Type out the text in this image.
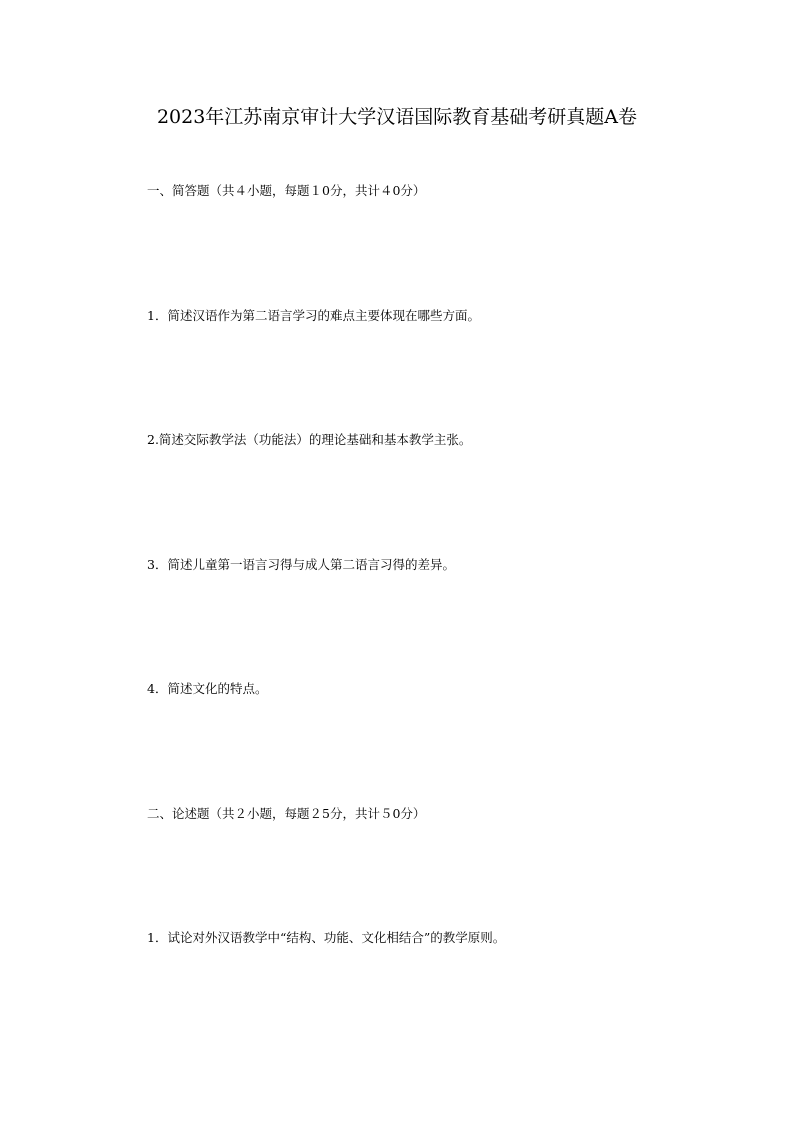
2023年江苏南京审计大学汉语国际教育基础考研真题A卷
一、简答题（共４小题，每题１0分，共计４0分）
1．简述汉语作为第二语言学习的难点主要体现在哪些方面。
2.简述交际教学法（功能法）的理论基础和基本教学主张。
3．简述儿童第一语言习得与成人第二语言习得的差异。
4．简述文化的特点。
二、论述题（共２小题，每题２5分，共计５0分）
1．试论对外汉语教学中“结构、功能、文化相结合”的教学原则。
